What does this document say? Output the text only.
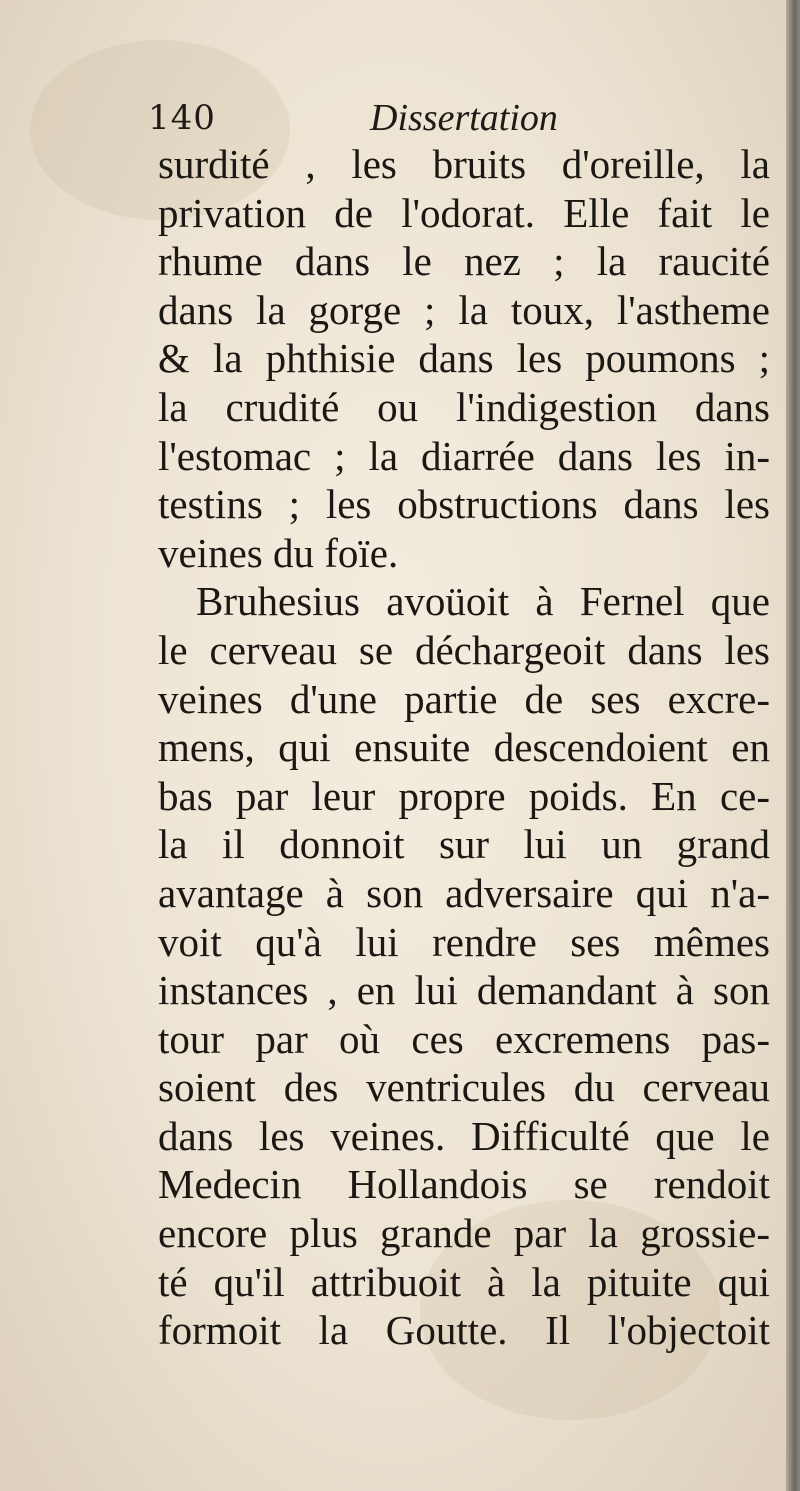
140	Dissertation
surdité , les bruits d'oreille, la
privation de l'odorat. Elle fait le
rhume dans le nez ; la raucité
dans la gorge ; la toux, l'astheme
& la phthisie dans les poumons ;
la crudité ou l'indigestion dans
l'estomac ; la diarrée dans les in-
testins ; les obstructions dans les
veines du foïe.
Bruhesius avoüoit à Fernel que
le cerveau se déchargeoit dans les
veines d'une partie de ses excre-
mens, qui ensuite descendoient en
bas par leur propre poids. En ce-
la il donnoit sur lui un grand
avantage à son adversaire qui n'a-
voit qu'à lui rendre ses mêmes
instances , en lui demandant à son
tour par où ces excremens pas-
soient des ventricules du cerveau
dans les veines. Difficulté que le
Medecin Hollandois se rendoit
encore plus grande par la grossie-
té qu'il attribuoit à la pituite qui
formoit la Goutte. Il l'objectoit
